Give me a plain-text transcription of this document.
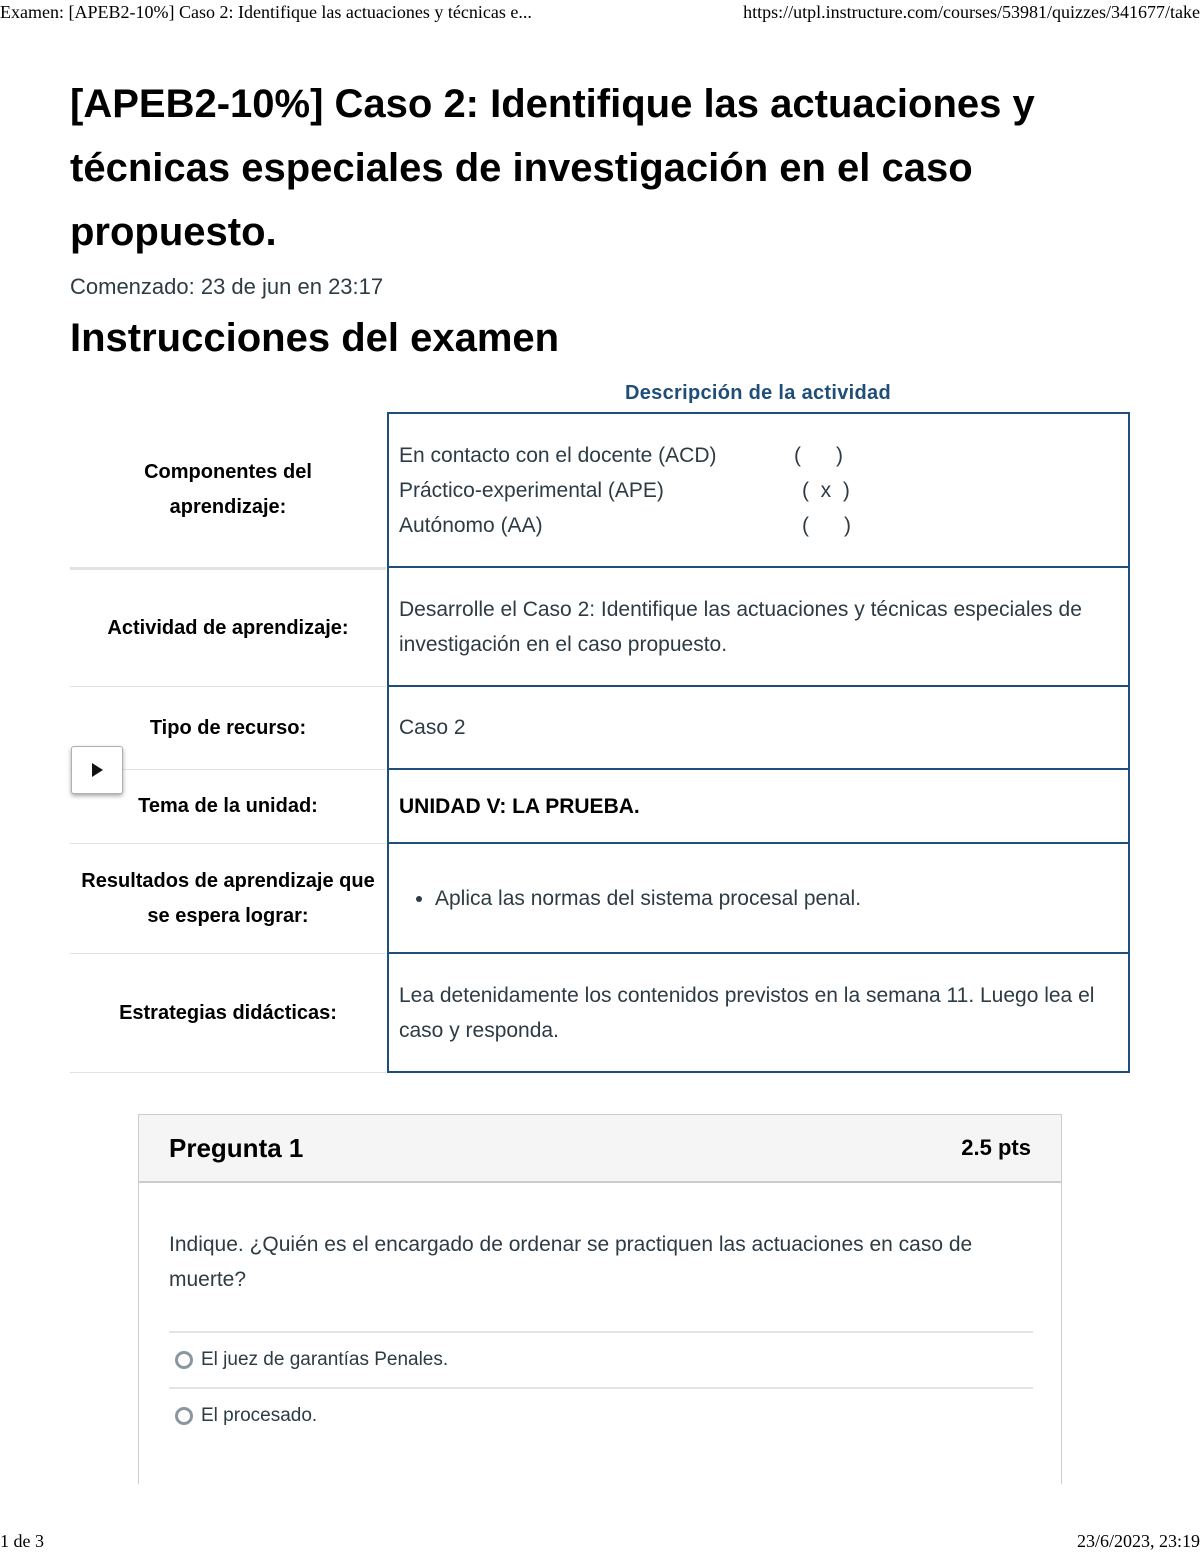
Examen: [APEB2-10%] Caso 2: Identifique las actuaciones y técnicas e...	https://utpl.instructure.com/courses/53981/quizzes/341677/take
[APEB2-10%] Caso 2: Identifique las actuaciones y técnicas especiales de investigación en el caso propuesto.
Comenzado: 23 de jun en 23:17
Instrucciones del examen
Descripción de la actividad
Componentes del aprendizaje:
En contacto con el docente (ACD)	(      )
Práctico-experimental (APE)	(  x  )
Autónomo (AA)	(      )
Actividad de aprendizaje:
Desarrolle el Caso 2: Identifique las actuaciones y técnicas especiales de investigación en el caso propuesto.
Tipo de recurso:	Caso 2
Tema de la unidad:	UNIDAD V: LA PRUEBA.
Resultados de aprendizaje que se espera lograr:
Aplica las normas del sistema procesal penal.
Estrategias didácticas:
Lea detenidamente los contenidos previstos en la semana 11. Luego lea el caso y responda.
Pregunta 1	2.5 pts
Indique. ¿Quién es el encargado de ordenar se practiquen las actuaciones en caso de muerte?
El juez de garantías Penales.
El procesado.
1 de 3	23/6/2023, 23:19
